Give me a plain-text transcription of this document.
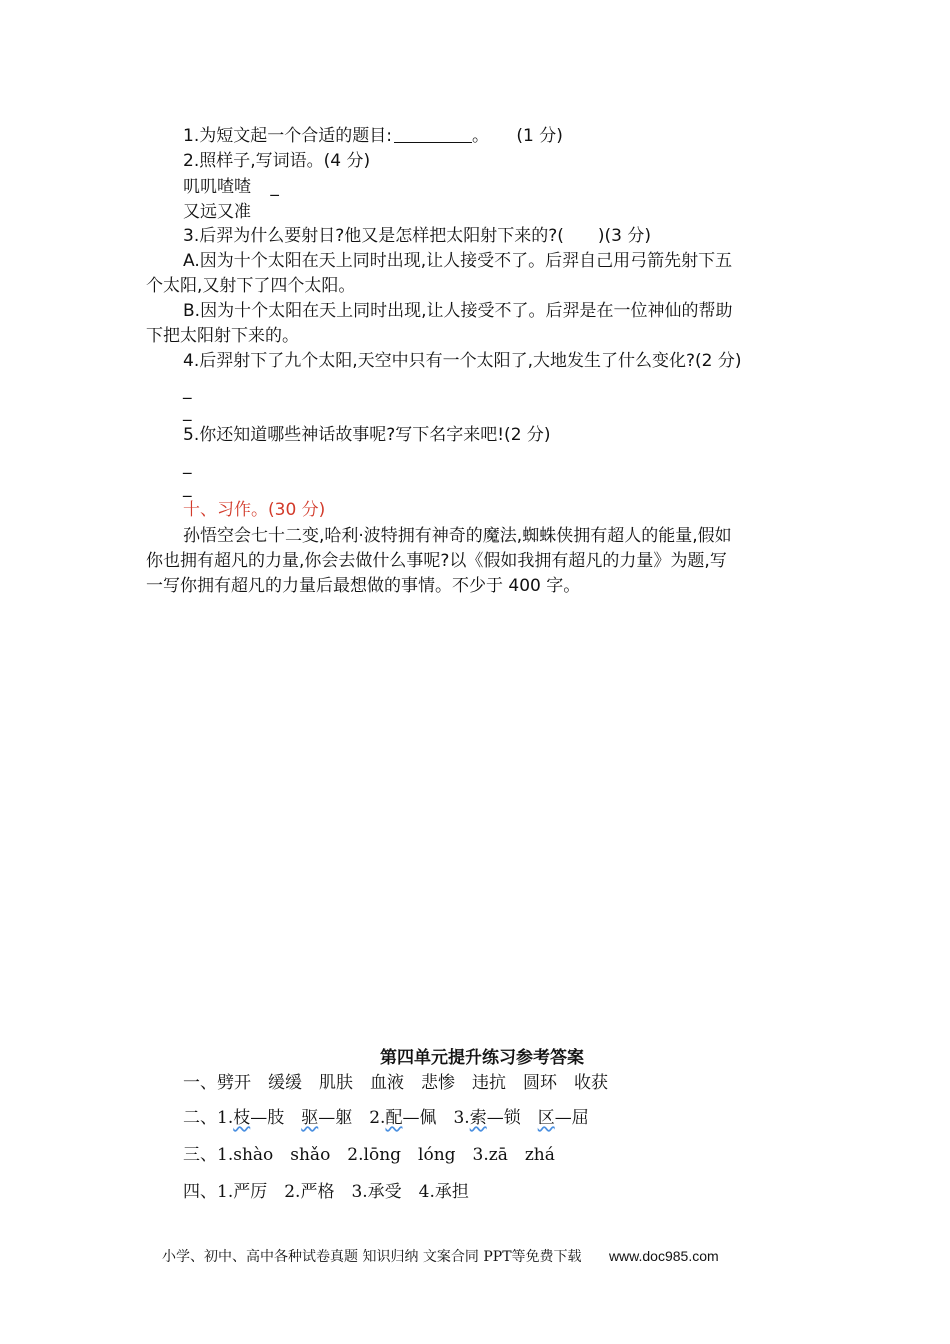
1.为短文起一个合适的题目:	。 (1 分)
2.照样子,写词语。(4 分)
叽叽喳喳 _
又远又准
3.后羿为什么要射日?他又是怎样把太阳射下来的?(　　)(3 分)
A.因为十个太阳在天上同时出现,让人接受不了。后羿自己用弓箭先射下五
个太阳,又射下了四个太阳。
B.因为十个太阳在天上同时出现,让人接受不了。后羿是在一位神仙的帮助
下把太阳射下来的。
4.后羿射下了九个太阳,天空中只有一个太阳了,大地发生了什么变化?(2 分)
_
_
5.你还知道哪些神话故事呢?写下名字来吧!(2 分)
_
_
十、习作。(30 分)
孙悟空会七十二变,哈利·波特拥有神奇的魔法,蜘蛛侠拥有超人的能量,假如
你也拥有超凡的力量,你会去做什么事呢?以《假如我拥有超凡的力量》为题,写
一写你拥有超凡的力量后最想做的事情。不少于 400 字。
第四单元提升练习参考答案
一、劈开　缓缓　肌肤　血液　悲惨　违抗　圆环　收获
二、1.枝—肢　驱—躯　2.配—佩　3.索—锁　区—屈
三、1.shào　shǎo　2.lōng　lóng　3.zā　zhá
四、1.严厉　2.严格　3.承受　4.承担
小学、初中、高中各种试卷真题 知识归纳 文案合同 PPT等免费下载 www.doc985.com
